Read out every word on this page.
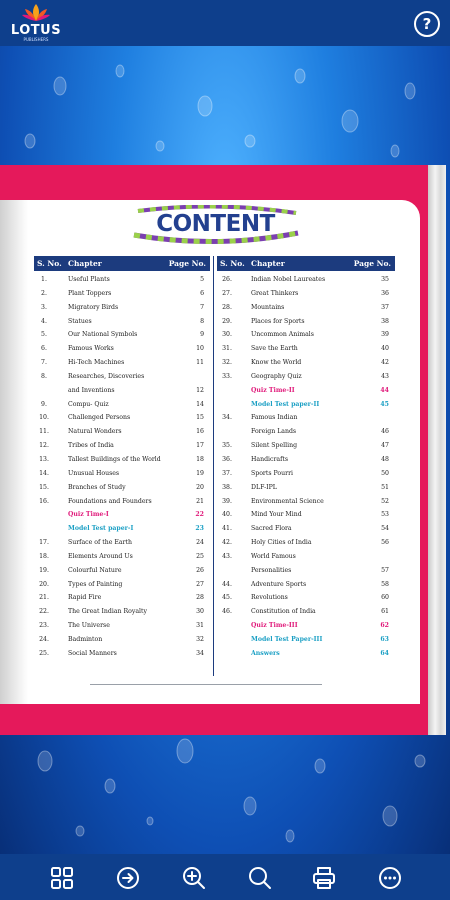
LOTUS
PUBLISHERS
?
CONTENT
S. No. Chapter	Page No. S. No. Chapter	Page No.
1.	Useful Plants	5
2.	Plant Toppers	6
3.	Migratory Birds	7
4.	Statues	8
5.	Our National Symbols	9
6.	Famous Works	10
7.	Hi-Tech Machines	11
8.	Researches, Discoveries
and Inventions	12
9.	Compu- Quiz	14
10.	Challenged Persons	15
11.	Natural Wonders	16
12.	Tribes of India	17
13.	Tallest Buildings of the World	18
14.	Unusual Houses	19
15.	Branches of Study	20
16.	Foundations and Founders	21
Quiz Time-I	22
Model Test paper-I	23
17.	Surface of the Earth	24
18.	Elements Around Us	25
19.	Colourful Nature	26
20.	Types of Painting	27
21.	Rapid Fire	28
22.	The Great Indian Royalty	30
23.	The Universe	31
24.	Badminton	32
25.	Social Manners	34
26.	Indian Nobel Laureates	35
27.	Great Thinkers	36
28.	Mountains	37
29.	Places for Sports	38
30.	Uncommon Animals	39
31.	Save the Earth	40
32.	Know the World	42
33.	Geography Quiz	43
Quiz Time-II	44
Model Test paper-II	45
34.	Famous Indian
Foreign Lands	46
35.	Silent Spelling	47
36.	Handicrafts	48
37.	Sports Pourri	50
38.	DLF-IPL	51
39.	Environmental Science	52
40.	Mind Your Mind	53
41.	Sacred Flora	54
42.	Holy Cities of India	56
43.	World Famous
Personalities	57
44.	Adventure Sports	58
45.	Revolutions	60
46.	Constitution of India	61
Quiz Time-III	62
Model Test Paper-III	63
Answers	64
